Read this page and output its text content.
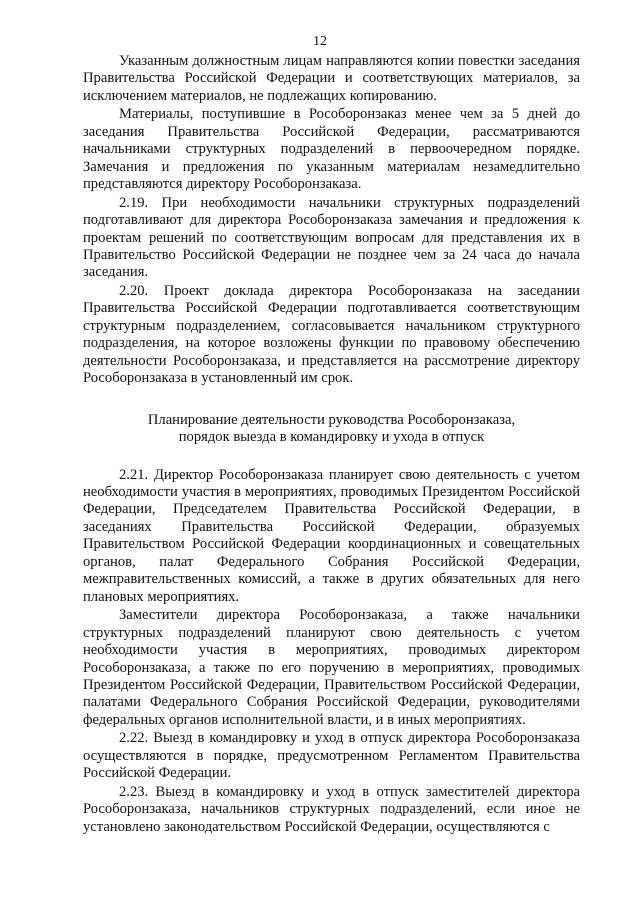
12

Указанным должностным лицам направляются копии повестки заседания Правительства Российской Федерации и соответствующих материалов, за исключением материалов, не подлежащих копированию.

Материалы, поступившие в Рособоронзаказ менее чем за 5 дней до заседания Правительства Российской Федерации, рассматриваются начальниками структурных подразделений в первоочередном порядке. Замечания и предложения по указанным материалам незамедлительно представляются директору Рособоронзаказа.

2.19. При необходимости начальники структурных подразделений подготавливают для директора Рособоронзаказа замечания и предложения к проектам решений по соответствующим вопросам для представления их в Правительство Российской Федерации не позднее чем за 24 часа до начала заседания.

2.20. Проект доклада директора Рособоронзаказа на заседании Правительства Российской Федерации подготавливается соответствующим структурным подразделением, согласовывается начальником структурного подразделения, на которое возложены функции по правовому обеспечению деятельности Рособоронзаказа, и представляется на рассмотрение директору Рособоронзаказа в установленный им срок.

Планирование деятельности руководства Рособоронзаказа,
порядок выезда в командировку и ухода в отпуск

2.21. Директор Рособоронзаказа планирует свою деятельность с учетом необходимости участия в мероприятиях, проводимых Президентом Российской Федерации, Председателем Правительства Российской Федерации, в заседаниях Правительства Российской Федерации, образуемых Правительством Российской Федерации координационных и совещательных органов, палат Федерального Собрания Российской Федерации, межправительственных комиссий, а также в других обязательных для него плановых мероприятиях.

Заместители директора Рособоронзаказа, а также начальники структурных подразделений планируют свою деятельность с учетом необходимости участия в мероприятиях, проводимых директором Рособоронзаказа, а также по его поручению в мероприятиях, проводимых Президентом Российской Федерации, Правительством Российской Федерации, палатами Федерального Собрания Российской Федерации, руководителями федеральных органов исполнительной власти, и в иных мероприятиях.

2.22. Выезд в командировку и уход в отпуск директора Рособоронзаказа осуществляются в порядке, предусмотренном Регламентом Правительства Российской Федерации.

2.23. Выезд в командировку и уход в отпуск заместителей директора Рособоронзаказа, начальников структурных подразделений, если иное не установлено законодательством Российской Федерации, осуществляются с
